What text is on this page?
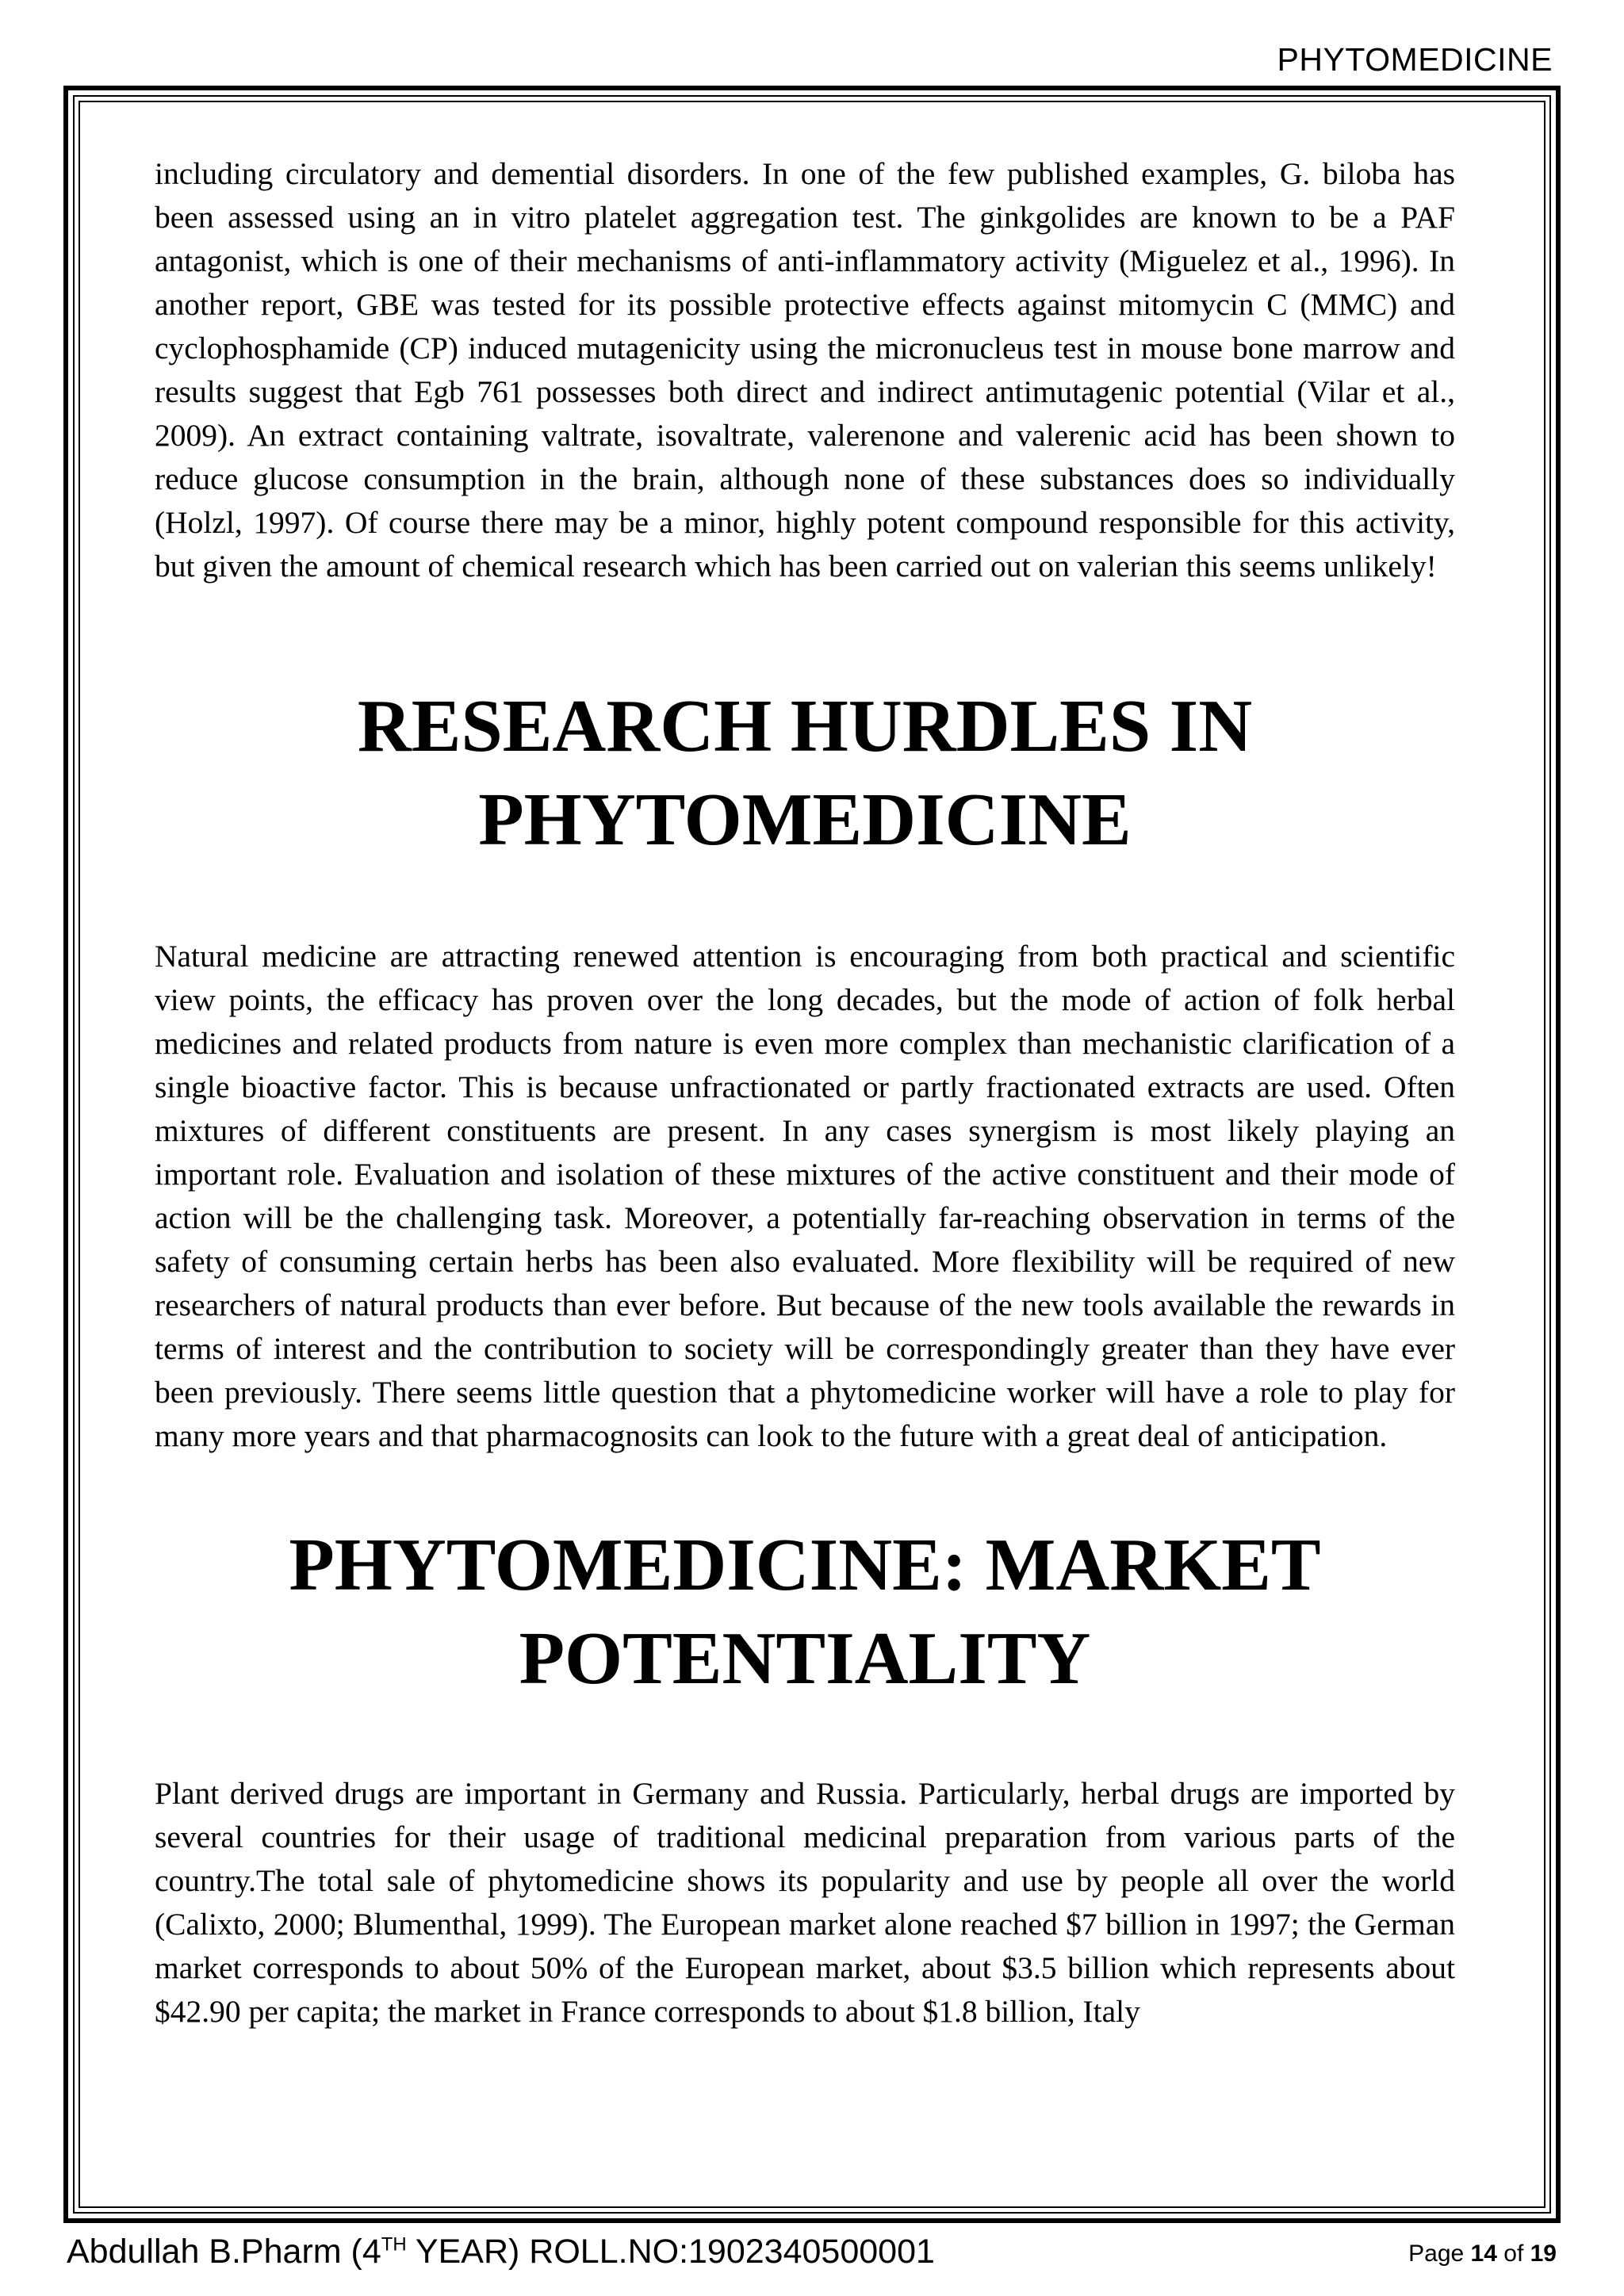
PHYTOMEDICINE

including circulatory and demential disorders. In one of the few published examples, G. biloba has been assessed using an in vitro platelet aggregation test. The ginkgolides are known to be a PAF antagonist, which is one of their mechanisms of anti-inflammatory activity (Miguelez et al., 1996). In another report, GBE was tested for its possible protective effects against mitomycin C (MMC) and cyclophosphamide (CP) induced mutagenicity using the micronucleus test in mouse bone marrow and results suggest that Egb 761 possesses both direct and indirect antimutagenic potential (Vilar et al., 2009). An extract containing valtrate, isovaltrate, valerenone and valerenic acid has been shown to reduce glucose consumption in the brain, although none of these substances does so individually (Holzl, 1997). Of course there may be a minor, highly potent compound responsible for this activity, but given the amount of chemical research which has been carried out on valerian this seems unlikely!

RESEARCH HURDLES IN
PHYTOMEDICINE

Natural medicine are attracting renewed attention is encouraging from both practical and scientific view points, the efficacy has proven over the long decades, but the mode of action of folk herbal medicines and related products from nature is even more complex than mechanistic clarification of a single bioactive factor. This is because unfractionated or partly fractionated extracts are used. Often mixtures of different constituents are present. In any cases synergism is most likely playing an important role. Evaluation and isolation of these mixtures of the active constituent and their mode of action will be the challenging task. Moreover, a potentially far-reaching observation in terms of the safety of consuming certain herbs has been also evaluated. More flexibility will be required of new researchers of natural products than ever before. But because of the new tools available the rewards in terms of interest and the contribution to society will be correspondingly greater than they have ever been previously. There seems little question that a phytomedicine worker will have a role to play for many more years and that pharmacognosits can look to the future with a great deal of anticipation.

PHYTOMEDICINE: MARKET
POTENTIALITY

Plant derived drugs are important in Germany and Russia. Particularly, herbal drugs are imported by several countries for their usage of traditional medicinal preparation from various parts of the country.The total sale of phytomedicine shows its popularity and use by people all over the world (Calixto, 2000; Blumenthal, 1999). The European market alone reached $7 billion in 1997; the German market corresponds to about 50% of the European market, about $3.5 billion which represents about $42.90 per capita; the market in France corresponds to about $1.8 billion, Italy

Abdullah B.Pharm (4TH YEAR) ROLL.NO:1902340500001	Page 14 of 19
